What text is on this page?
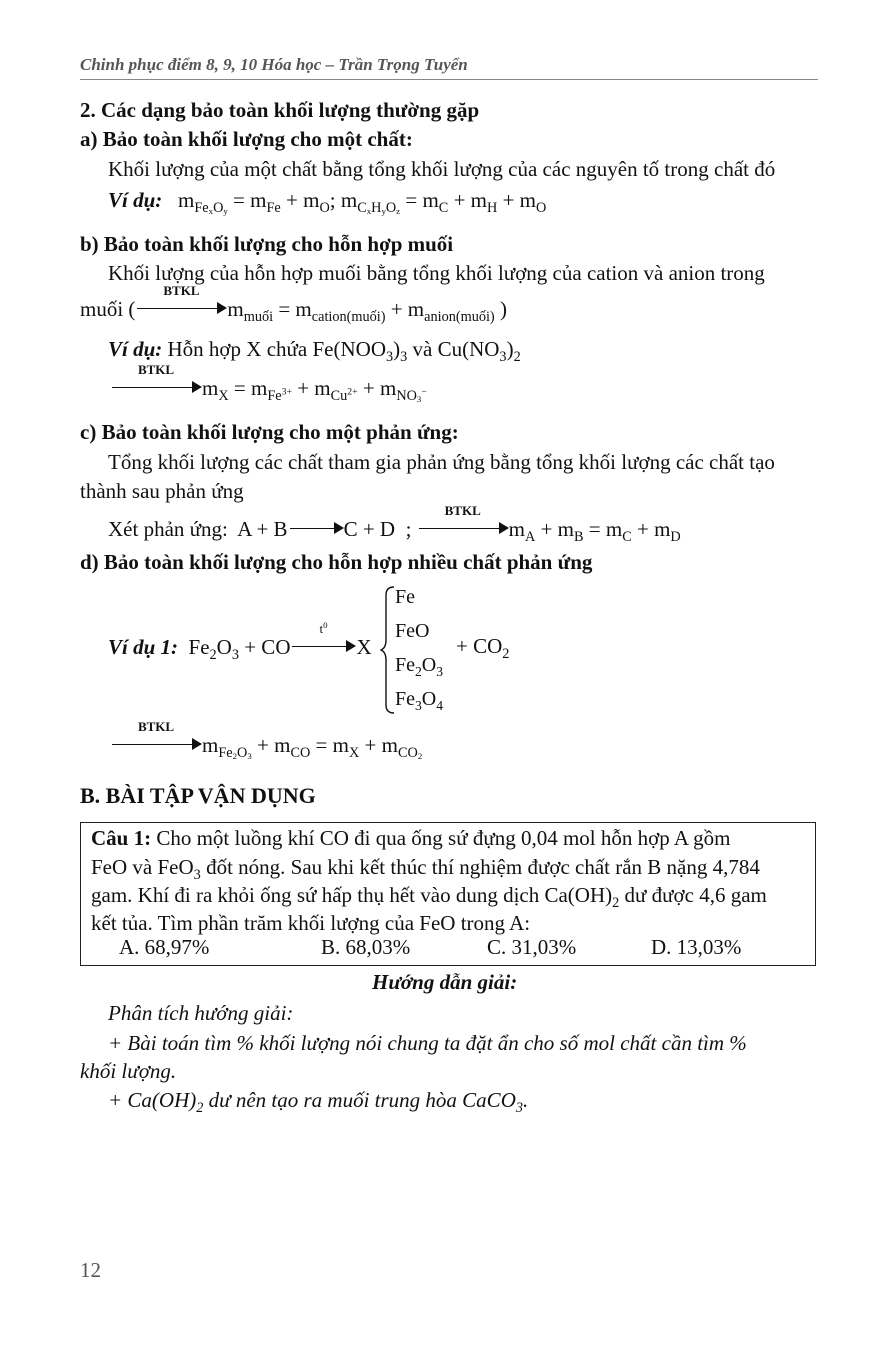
Chinh phục điểm 8, 9, 10 Hóa học – Trần Trọng Tuyển
2. Các dạng bảo toàn khối lượng thường gặp
a) Bảo toàn khối lượng cho một chất:
Khối lượng của một chất bằng tổng khối lượng của các nguyên tố trong chất đó
Ví dụ:   $m_{FexOy} = m_{Fe} + m_O$; $m_{CxHyOz} = m_C + m_H + m_O$
b) Bảo toàn khối lượng cho hỗn hợp muối
Khối lượng của hỗn hợp muối bằng tổng khối lượng của cation và anion trong
muối (
BTKL
$m_{muối} = m_{cation(muối)} + m_{anion(muối)}$ )
Ví dụ: Hỗn hợp X chứa $Fe(NOO_3)_3$ và $Cu(NO_3)_2$
BTKL
$m_X = m_{Fe^{3+}} + m_{Cu^{2+}} + m_{NO3^-}$
c) Bảo toàn khối lượng cho một phản ứng:
Tổng khối lượng các chất tham gia phản ứng bằng tổng khối lượng các chất tạo
thành sau phản ứng
Xét phản ứng:  A + B	C + D  ;
BTKL
$m_A + m_B = m_C + m_D$
d) Bảo toàn khối lượng cho hỗn hợp nhiều chất phản ứng
Ví dụ 1:  $Fe_2O_3$ + CO
$t^0$
X
Fe
FeO
$Fe_2O_3$
$Fe_3O_4$
+ $CO_2$
BTKL
$m_{Fe2O3} + m_{CO} = m_X + m_{CO2}$
B. BÀI TẬP VẬN DỤNG
Câu 1: Cho một luồng khí CO đi qua ống sứ đựng 0,04 mol hỗn hợp A gồm
FeO và FeO$_3$ đốt nóng. Sau khi kết thúc thí nghiệm được chất rắn B nặng 4,784
gam. Khí đi ra khỏi ống sứ hấp thụ hết vào dung dịch $Ca(OH)_2$ dư được 4,6 gam
kết tủa. Tìm phần trăm khối lượng của FeO trong A:
A. 68,97%	B. 68,03%	C. 31,03%	D. 13,03%
Hướng dẫn giải:
Phân tích hướng giải:
+ Bài toán tìm % khối lượng nói chung ta đặt ẩn cho số mol chất cần tìm %
khối lượng.
+ $Ca(OH)_2$ dư nên tạo ra muối trung hòa CaCO$_3$.
12
